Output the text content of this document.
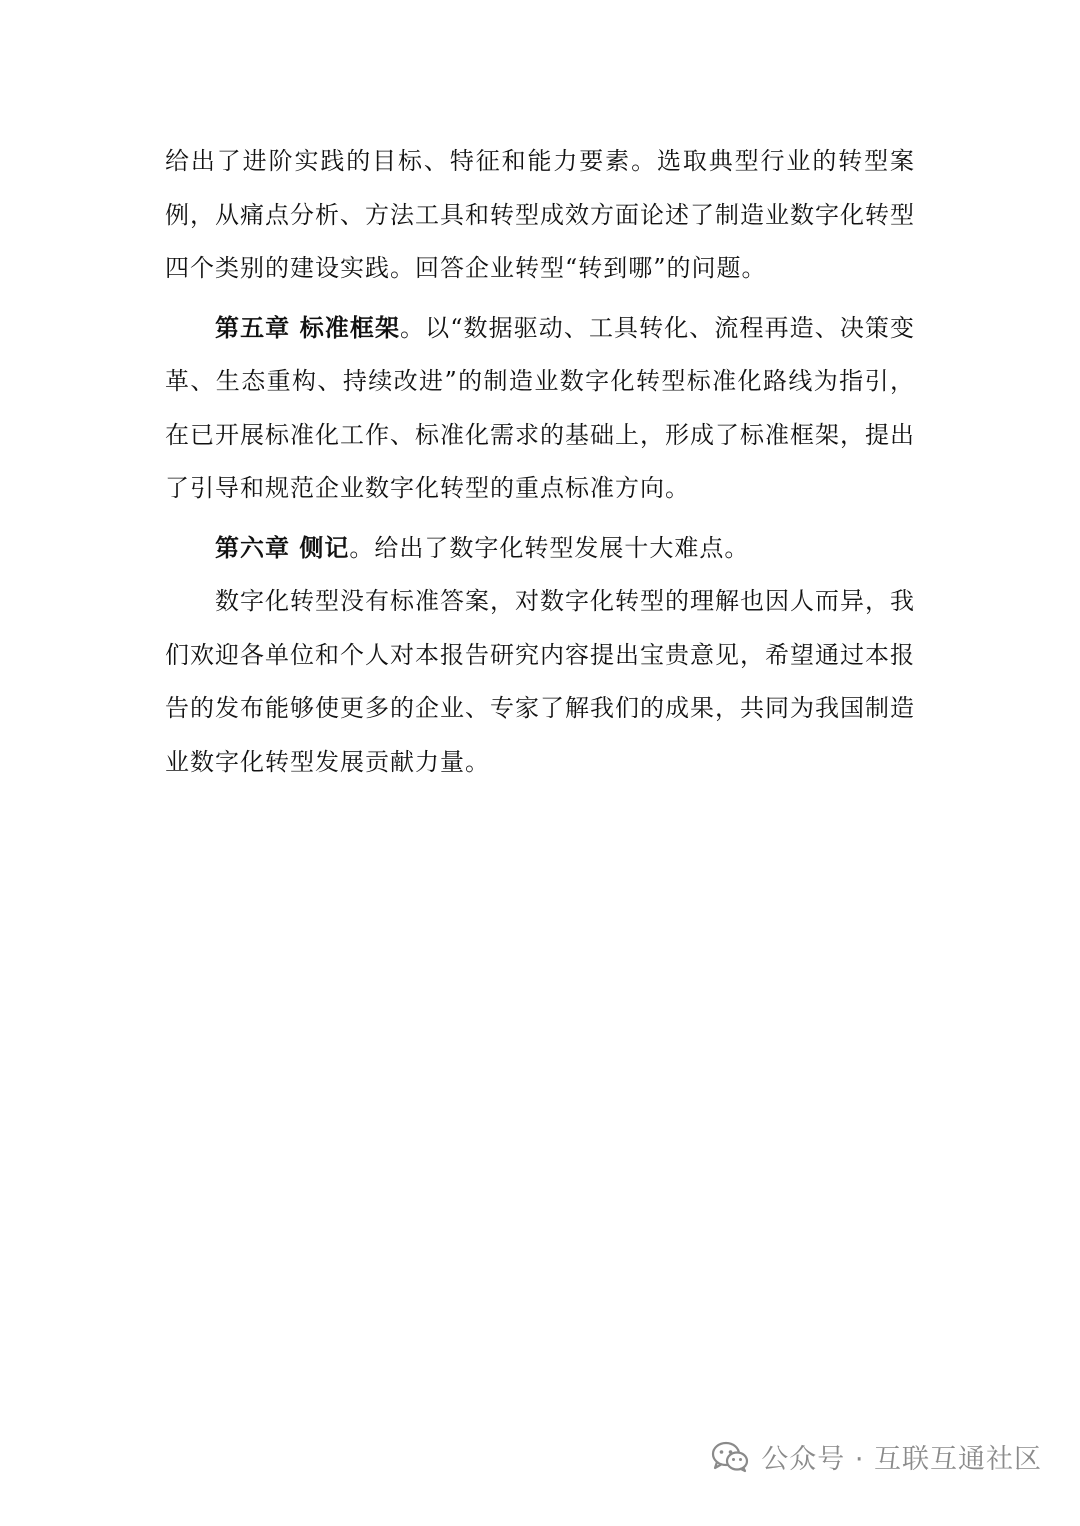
给出了进阶实践的目标、特征和能力要素。选取典型行业的转型案例，从痛点分析、方法工具和转型成效方面论述了制造业数字化转型四个类别的建设实践。回答企业转型“转到哪”的问题。

第五章 标准框架。以“数据驱动、工具转化、流程再造、决策变革、生态重构、持续改进”的制造业数字化转型标准化路线为指引，在已开展标准化工作、标准化需求的基础上，形成了标准框架，提出了引导和规范企业数字化转型的重点标准方向。

第六章 侧记。给出了数字化转型发展十大难点。

数字化转型没有标准答案，对数字化转型的理解也因人而异，我们欢迎各单位和个人对本报告研究内容提出宝贵意见，希望通过本报告的发布能够使更多的企业、专家了解我们的成果，共同为我国制造业数字化转型发展贡献力量。

公众号 · 互联互通社区
